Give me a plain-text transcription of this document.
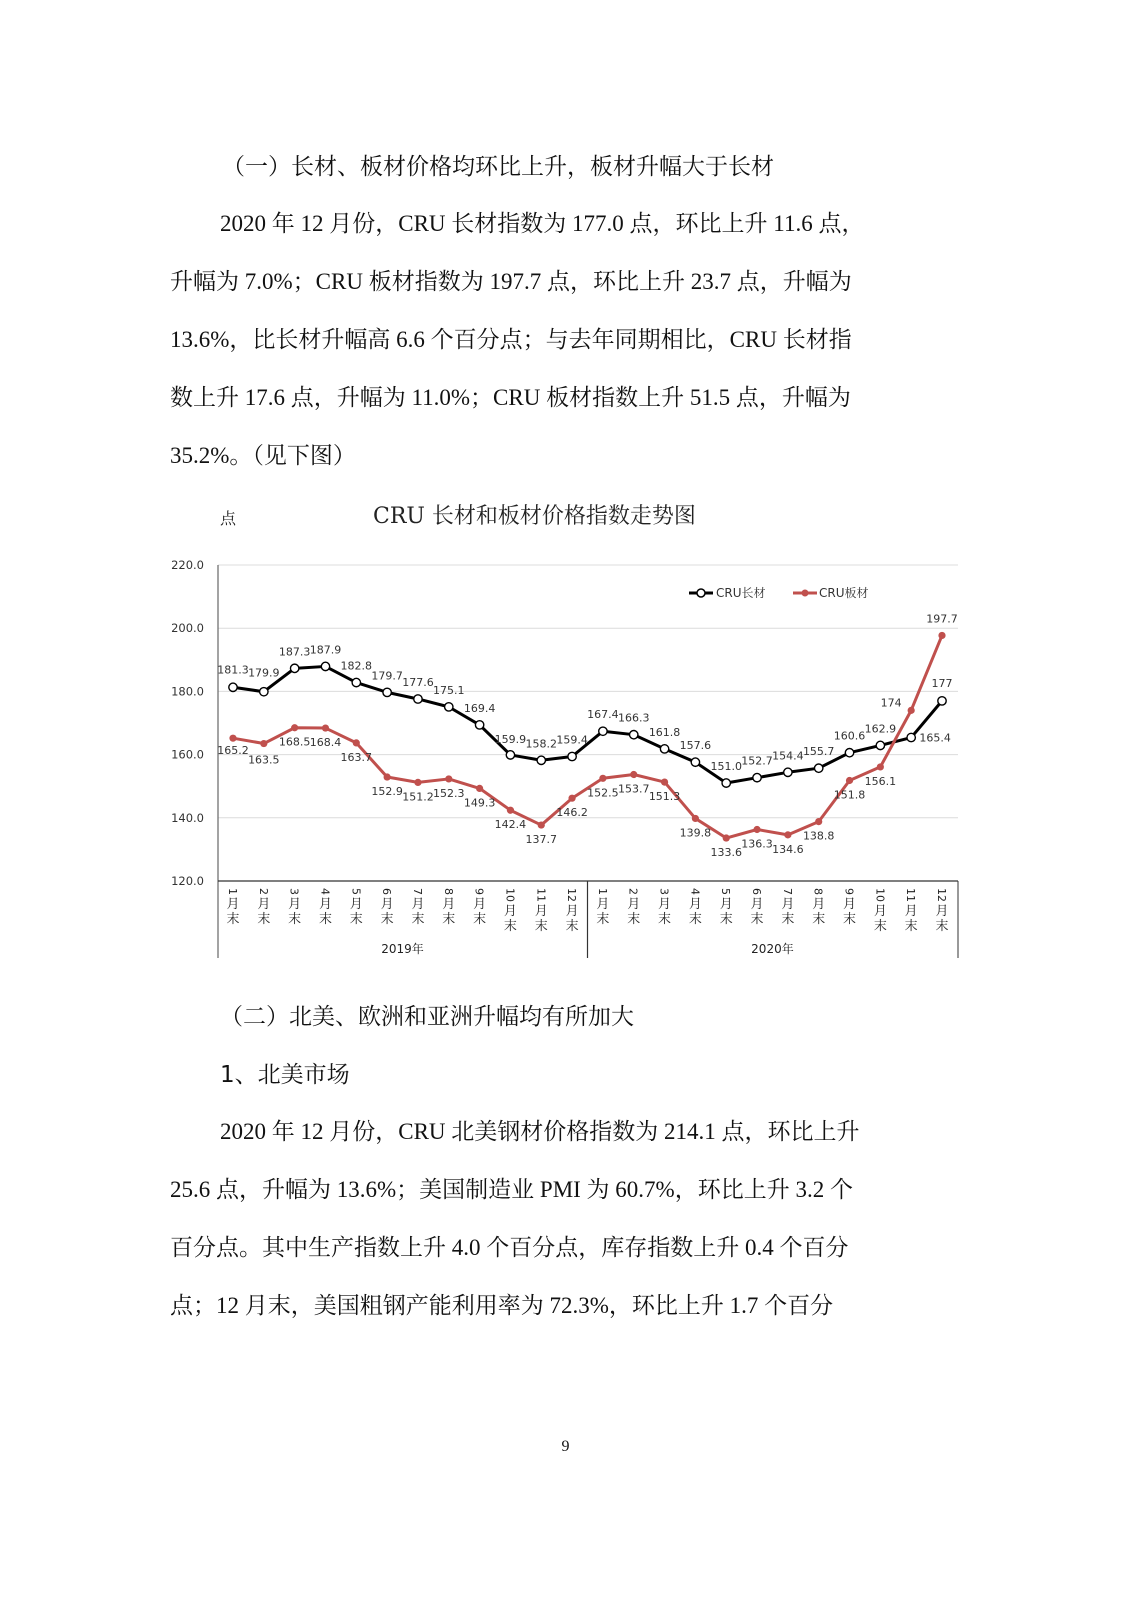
（一）长材、板材价格均环比上升，板材升幅大于长材
2020 年 12 月份，CRU 长材指数为 177.0 点，环比上升 11.6 点，
升幅为 7.0%；CRU 板材指数为 197.7 点，环比上升 23.7 点，升幅为
13.6%，比长材升幅高 6.6 个百分点；与去年同期相比，CRU 长材指
数上升 17.6 点，升幅为 11.0%；CRU 板材指数上升 51.5 点，升幅为
35.2%。（见下图）
点	CRU 长材和板材价格指数走势图
120.0
140.0
160.0
180.0
200.0
220.0
2019年	2020年
1
月
末
2
月
末
3
月
末
4
月
末
5
月
末
6
月
末
7
月
末
8
月
末
9
月
末
10
月
末
11
月
末
12
月
末
1
月
末
2
月
末
3
月
末
4
月
末
5
月
末
6
月
末
7
月
末
8
月
末
9
月
末
10
月
末
11
月
末
12
月
末
181.3 179.9
187.3 187.9
182.8
179.7
177.6
175.1
169.4
159.9 158.2 159.4
167.4 166.3
161.8
157.6
151.0 152.7 154.4 155.7
160.6
162.9
165.4
177
165.2
163.5
168.5 168.4
163.7
152.9 151.2 152.3
149.3
142.4
137.7
146.2
152.5 153.7
151.3
139.8
133.6
136.3 134.6
138.8
151.8
156.1
174
197.7
CRU长材	CRU板材
（二）北美、欧洲和亚洲升幅均有所加大
1、北美市场
2020 年 12 月份，CRU 北美钢材价格指数为 214.1 点，环比上升
25.6 点，升幅为 13.6%；美国制造业 PMI 为 60.7%，环比上升 3.2 个
百分点。其中生产指数上升 4.0 个百分点，库存指数上升 0.4 个百分
点；12 月末，美国粗钢产能利用率为 72.3%，环比上升 1.7 个百分
9
